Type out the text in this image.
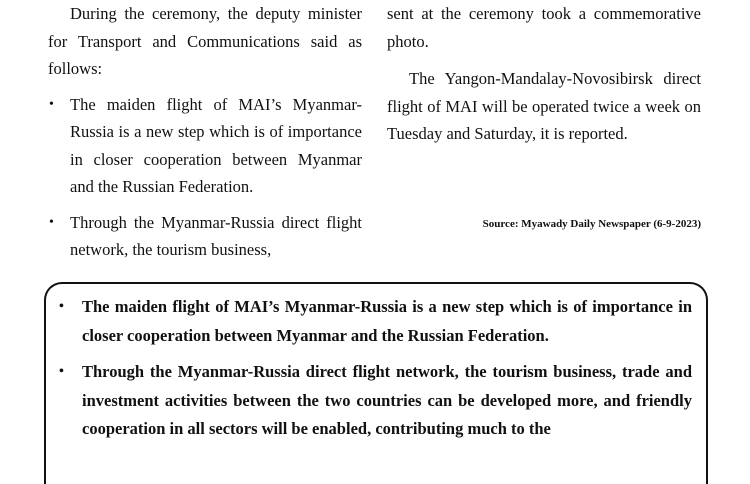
During the ceremony, the deputy minister for Transport and Communications said as follows:

• The maiden flight of MAI’s Myanmar-Russia is a new step which is of importance in closer cooperation between Myanmar and the Russian Federation.
• Through the Myanmar-Russia direct flight network, the tourism business,

sent at the ceremony took a commemorative photo.

The Yangon-Mandalay-Novosibirsk direct flight of MAI will be operated twice a week on Tuesday and Saturday, it is reported.

Source: Myawady Daily Newspaper (6-9-2023)
• The maiden flight of MAI’s Myanmar-Russia is a new step which is of importance in closer cooperation between Myanmar and the Russian Federation.
• Through the Myanmar-Russia direct flight network, the tourism business, trade and investment activities between the two countries can be developed more, and friendly cooperation in all sectors will be enabled, contributing much to the
